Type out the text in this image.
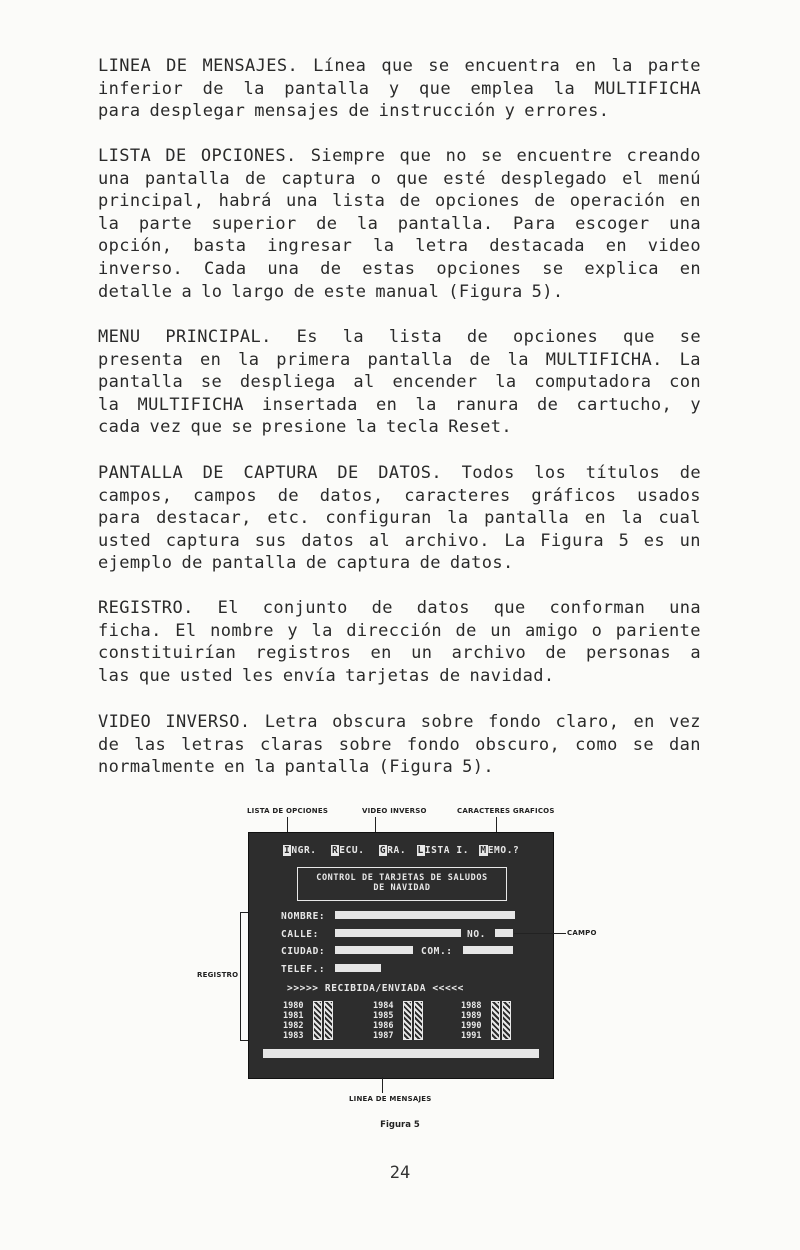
LINEA DE MENSAJES. Línea que se encuentra en la parte
inferior de la pantalla y que emplea la MULTIFICHA
para desplegar mensajes de instrucción y errores.
LISTA DE OPCIONES. Siempre que no se encuentre creando
una pantalla de captura o que esté desplegado el menú
principal, habrá una lista de opciones de operación en
la parte superior de la pantalla. Para escoger una
opción, basta ingresar la letra destacada en video
inverso. Cada una de estas opciones se explica en
detalle a lo largo de este manual (Figura 5).
MENU PRINCIPAL. Es la lista de opciones que se
presenta en la primera pantalla de la MULTIFICHA. La
pantalla se despliega al encender la computadora con
la MULTIFICHA insertada en la ranura de cartucho, y
cada vez que se presione la tecla Reset.
PANTALLA DE CAPTURA DE DATOS. Todos los títulos de
campos, campos de datos, caracteres gráficos usados
para destacar, etc. configuran la pantalla en la cual
usted captura sus datos al archivo. La Figura 5 es un
ejemplo de pantalla de captura de datos.
REGISTRO. El conjunto de datos que conforman una
ficha. El nombre y la dirección de un amigo o pariente
constituirían registros en un archivo de personas a
las que usted les envía tarjetas de navidad.
VIDEO INVERSO. Letra obscura sobre fondo claro, en vez
de las letras claras sobre fondo obscuro, como se dan
normalmente en la pantalla (Figura 5).
LISTA DE OPCIONES	VIDEO INVERSO	CARACTERES GRAFICOS
INGR. RECU. GRA. LISTA I. MEMO.?
CONTROL DE TARJETAS DE SALUDOS
DE NAVIDAD
NOMBRE:
CALLE:	NO.
CIUDAD:	COM.:
TELEF.:
>>>>> RECIBIDA/ENVIADA <<<<<
1980
1981
1982
1983
1984
1985
1986
1987
1988
1989
1990
1991
CAMPO
REGISTRO
LINEA DE MENSAJES
Figura 5
24
